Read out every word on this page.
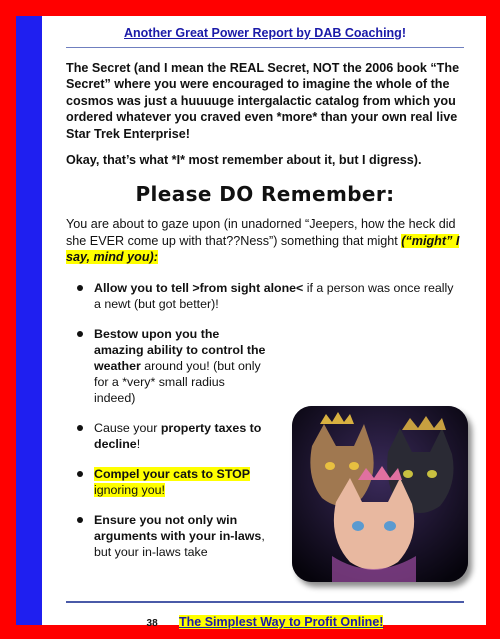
Another Great Power Report by DAB Coaching!

The Secret (and I mean the REAL Secret, NOT the 2006 book “The Secret” where you were encouraged to imagine the whole of the cosmos was just a huuuuge intergalactic catalog from which you ordered whatever you craved even *more* than your own real live Star Trek Enterprise!

Okay, that’s what *I* most remember about it, but I digress).

Please DO Remember:

You are about to gaze upon (in unadorned “Jeepers, how the heck did she EVER come up with that??Ness”) something that might (“might” I say, mind you):

Allow you to tell >from sight alone< if a person was once really a newt (but got better)!
Bestow upon you the amazing ability to control the weather around you! (but only for a *very* small radius indeed)
Cause your property taxes to decline!
Compel your cats to STOP ignoring you!
Ensure you not only win arguments with your in-laws, but your in-laws take
38 The Simplest Way to Profit Online!
